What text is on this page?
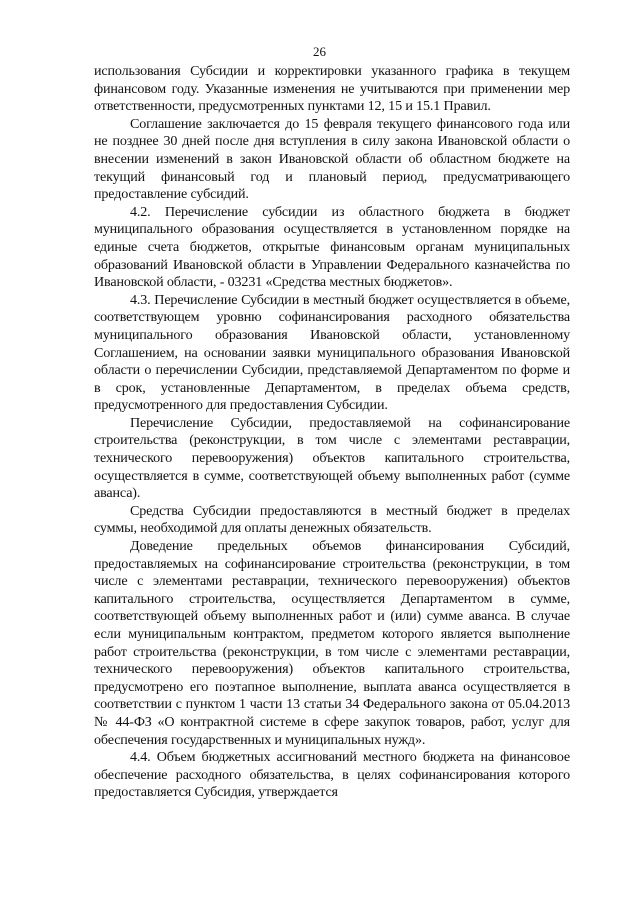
26

использования Субсидии и корректировки указанного графика в текущем финансовом году. Указанные изменения не учитываются при применении мер ответственности, предусмотренных пунктами 12, 15 и 15.1 Правил.

Соглашение заключается до 15 февраля текущего финансового года или не позднее 30 дней после дня вступления в силу закона Ивановской области о внесении изменений в закон Ивановской области об областном бюджете на текущий финансовый год и плановый период, предусматривающего предоставление субсидий.

4.2. Перечисление субсидии из областного бюджета в бюджет муниципального образования осуществляется в установленном порядке на единые счета бюджетов, открытые финансовым органам муниципальных образований Ивановской области в Управлении Федерального казначейства по Ивановской области, - 03231 «Средства местных бюджетов».

4.3. Перечисление Субсидии в местный бюджет осуществляется в объеме, соответствующем уровню софинансирования расходного обязательства муниципального образования Ивановской области, установленному Соглашением, на основании заявки муниципального образования Ивановской области о перечислении Субсидии, представляемой Департаментом по форме и в срок, установленные Департаментом, в пределах объема средств, предусмотренного для предоставления Субсидии.

Перечисление Субсидии, предоставляемой на софинансирование строительства (реконструкции, в том числе с элементами реставрации, технического перевооружения) объектов капитального строительства, осуществляется в сумме, соответствующей объему выполненных работ (сумме аванса).

Средства Субсидии предоставляются в местный бюджет в пределах суммы, необходимой для оплаты денежных обязательств.

Доведение предельных объемов финансирования Субсидий, предоставляемых на софинансирование строительства (реконструкции, в том числе с элементами реставрации, технического перевооружения) объектов капитального строительства, осуществляется Департаментом в сумме, соответствующей объему выполненных работ и (или) сумме аванса. В случае если муниципальным контрактом, предметом которого является выполнение работ строительства (реконструкции, в том числе с элементами реставрации, технического перевооружения) объектов капитального строительства, предусмотрено его поэтапное выполнение, выплата аванса осуществляется в соответствии с пунктом 1 части 13 статьи 34 Федерального закона от 05.04.2013 № 44-ФЗ «О контрактной системе в сфере закупок товаров, работ, услуг для обеспечения государственных и муниципальных нужд».

4.4. Объем бюджетных ассигнований местного бюджета на финансовое обеспечение расходного обязательства, в целях софинансирования которого предоставляется Субсидия, утверждается
